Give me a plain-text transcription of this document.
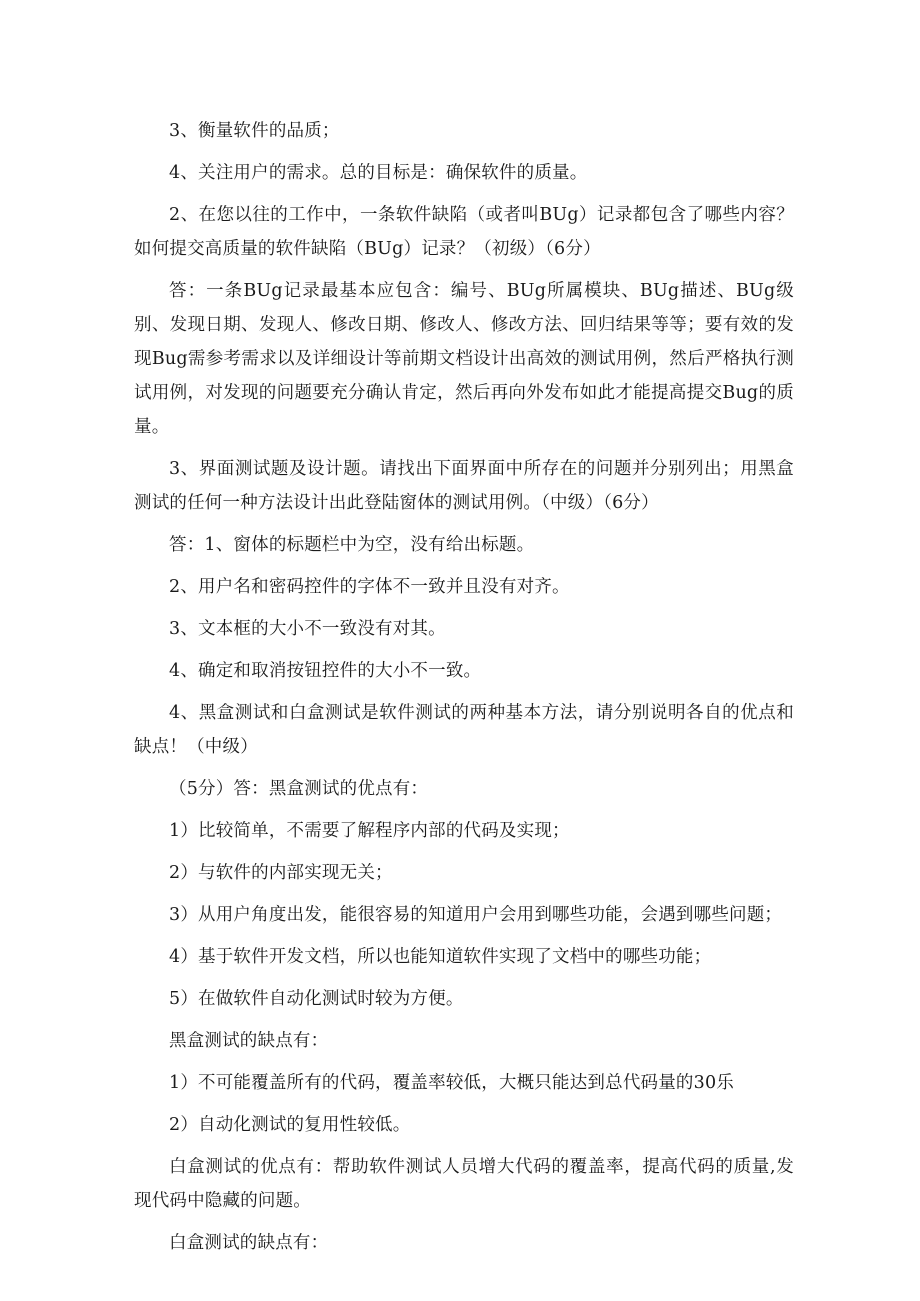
3、衡量软件的品质；

4、关注用户的需求。总的目标是：确保软件的质量。

2、在您以往的工作中，一条软件缺陷（或者叫BUg）记录都包含了哪些内容？如何提交高质量的软件缺陷（BUg）记录？（初级）（6分）

答：一条BUg记录最基本应包含：编号、BUg所属模块、BUg描述、BUg级别、发现日期、发现人、修改日期、修改人、修改方法、回归结果等等；要有效的发现Bug需参考需求以及详细设计等前期文档设计出高效的测试用例，然后严格执行测试用例，对发现的问题要充分确认肯定，然后再向外发布如此才能提高提交Bug的质量。

3、界面测试题及设计题。请找出下面界面中所存在的问题并分别列出；用黑盒测试的任何一种方法设计出此登陆窗体的测试用例。（中级）（6分）

答：1、窗体的标题栏中为空，没有给出标题。

2、用户名和密码控件的字体不一致并且没有对齐。

3、文本框的大小不一致没有对其。

4、确定和取消按钮控件的大小不一致。

4、黑盒测试和白盒测试是软件测试的两种基本方法，请分别说明各自的优点和缺点！（中级）

（5分）答：黑盒测试的优点有：

1）比较简单，不需要了解程序内部的代码及实现；

2）与软件的内部实现无关；

3）从用户角度出发，能很容易的知道用户会用到哪些功能，会遇到哪些问题；

4）基于软件开发文档，所以也能知道软件实现了文档中的哪些功能；

5）在做软件自动化测试时较为方便。

黑盒测试的缺点有：

1）不可能覆盖所有的代码，覆盖率较低，大概只能达到总代码量的30乐

2）自动化测试的复用性较低。

白盒测试的优点有：帮助软件测试人员增大代码的覆盖率，提高代码的质量,发现代码中隐藏的问题。

白盒测试的缺点有：
